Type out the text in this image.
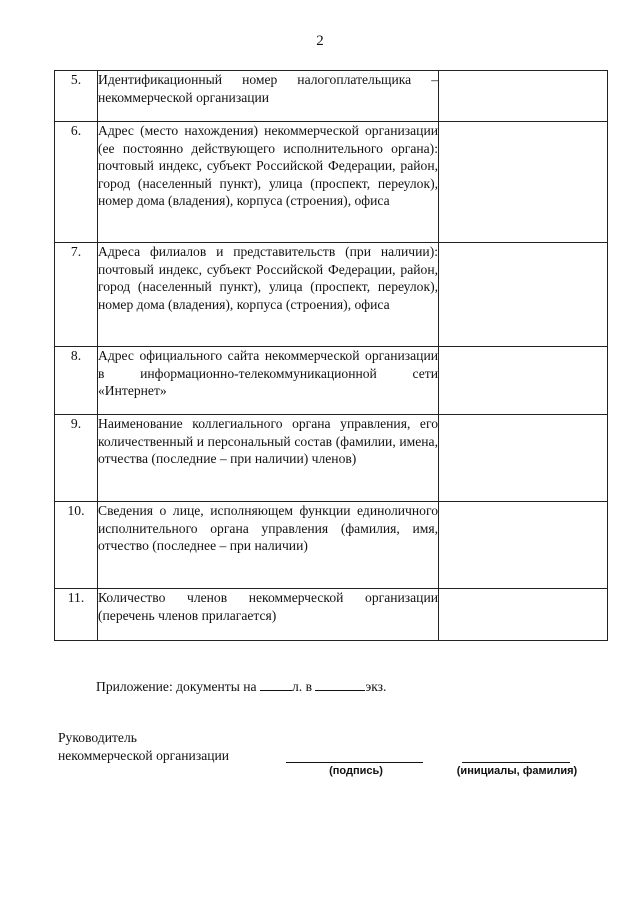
2
5.	Идентификационный номер налогоплательщика – некоммерческой организации	
6.	Адрес (место нахождения) некоммерческой организации (ее постоянно действующего исполнительного органа): почтовый индекс, субъект Российской Федерации, район, город (населенный пункт), улица (проспект, переулок), номер дома (владения), корпуса (строения), офиса	
7.	Адреса филиалов и представительств (при наличии): почтовый индекс, субъект Российской Федерации, район, город (населенный пункт), улица (проспект, переулок), номер дома (владения), корпуса (строения), офиса	
8.	Адрес официального сайта некоммерческой организации в информационно-телекоммуникационной сети «Интернет»	
9.	Наименование коллегиального органа управления, его количественный и персональный состав (фамилии, имена, отчества (последние – при наличии) членов)	
10.	Сведения о лице, исполняющем функции единоличного исполнительного органа управления (фамилия, имя, отчество (последнее – при наличии)	
11.	Количество членов некоммерческой организации (перечень членов прилагается)	
Приложение: документы на	л. в	экз.
Руководитель
некоммерческой организации
(подпись)	(инициалы, фамилия)
